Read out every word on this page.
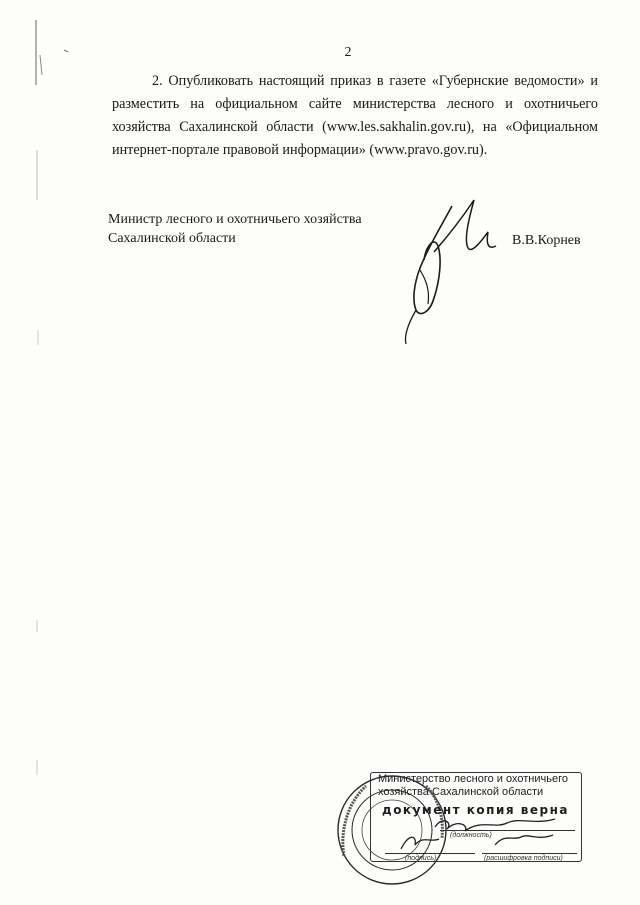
2

2. Опубликовать настоящий приказ в газете «Губернские ведомости» и разместить на официальном сайте министерства лесного и охотничьего хозяйства Сахалинской области (www.les.sakhalin.gov.ru), на «Официальном интернет-портале правовой информации» (www.pravo.gov.ru).

Министр лесного и охотничьего хозяйства
Сахалинской области	В.В.Корнев
Министерство лесного и охотничьего
хозяйства Сахалинской области
документ копия верна
(должность)
(подпись)	(расшифровка подписи)
